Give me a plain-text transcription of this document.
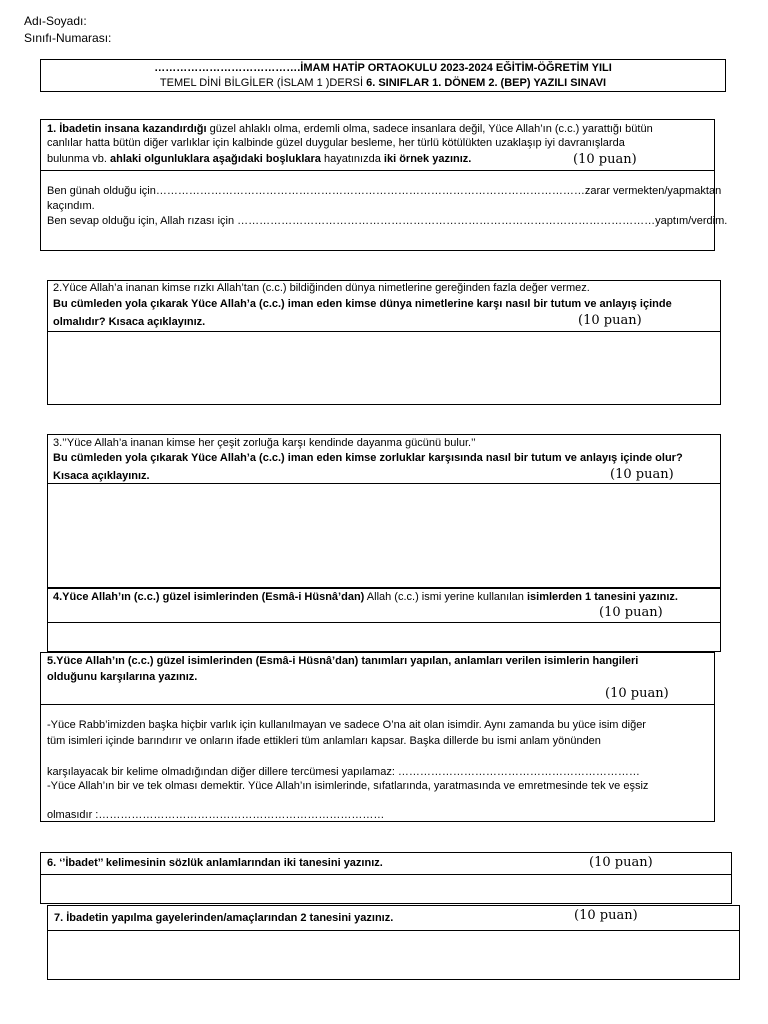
Adı-Soyadı:
Sınıfı-Numarası:
………………………………….İMAM HATİP ORTAOKULU 2023-2024 EĞİTİM-ÖĞRETİM YILI
TEMEL DİNİ BİLGİLER (İSLAM 1 )DERSİ 6. SINIFLAR 1. DÖNEM 2. (BEP) YAZILI SINAVI
1. İbadetin insana kazandırdığı güzel ahlaklı olma, erdemli olma, sadece insanlara değil, Yüce Allah’ın (c.c.) yarattığı bütün
canlılar hatta bütün diğer varlıklar için kalbinde güzel duygular besleme, her türlü kötülükten uzaklaşıp iyi davranışlarda
bulunma vb. ahlaki olgunluklara aşağıdaki boşluklara hayatınızda iki örnek yazınız.	(10 puan)
Ben günah olduğu için………………………………………………………………………………………………………zarar vermekten/yapmaktan
kaçındım.
Ben sevap olduğu için, Allah rızası için ……………………………………………………………………………………………………yaptım/verdim.
2.Yüce Allah’a inanan kimse rızkı Allah’tan (c.c.) bildiğinden dünya nimetlerine gereğinden fazla değer vermez.
Bu cümleden yola çıkarak Yüce Allah’a (c.c.) iman eden kimse dünya nimetlerine karşı nasıl bir tutum ve anlayış içinde
olmalıdır? Kısaca açıklayınız.	(10 puan)
3.’’Yüce Allah’a inanan kimse her çeşit zorluğa karşı kendinde dayanma gücünü bulur.’’
Bu cümleden yola çıkarak Yüce Allah’a (c.c.) iman eden kimse zorluklar karşısında nasıl bir tutum ve anlayış içinde olur?
Kısaca açıklayınız.	(10 puan)
4.Yüce Allah’ın (c.c.) güzel isimlerinden (Esmâ-i Hüsnâ’dan) Allah (c.c.) ismi yerine kullanılan isimlerden 1 tanesini yazınız.
(10 puan)
5.Yüce Allah’ın (c.c.) güzel isimlerinden (Esmâ-i Hüsnâ’dan) tanımları yapılan, anlamları verilen isimlerin hangileri
olduğunu karşılarına yazınız.
(10 puan)
-Yüce Rabb’imizden başka hiçbir varlık için kullanılmayan ve sadece O’na ait olan isimdir. Aynı zamanda bu yüce isim diğer
tüm isimleri içinde barındırır ve onların ifade ettikleri tüm anlamları kapsar. Başka dillerde bu ismi anlam yönünden
karşılayacak bir kelime olmadığından diğer dillere tercümesi yapılamaz: …………………………………………………………
-Yüce Allah’ın bir ve tek olması demektir. Yüce Allah’ın isimlerinde, sıfatlarında, yaratmasında ve emretmesinde tek ve eşsiz
olmasıdır :……………………………………………………………………
6. ‘’İbadet’’ kelimesinin sözlük anlamlarından iki tanesini yazınız.	(10 puan)
7. İbadetin yapılma gayelerinden/amaçlarından 2 tanesini yazınız.	(10 puan)
